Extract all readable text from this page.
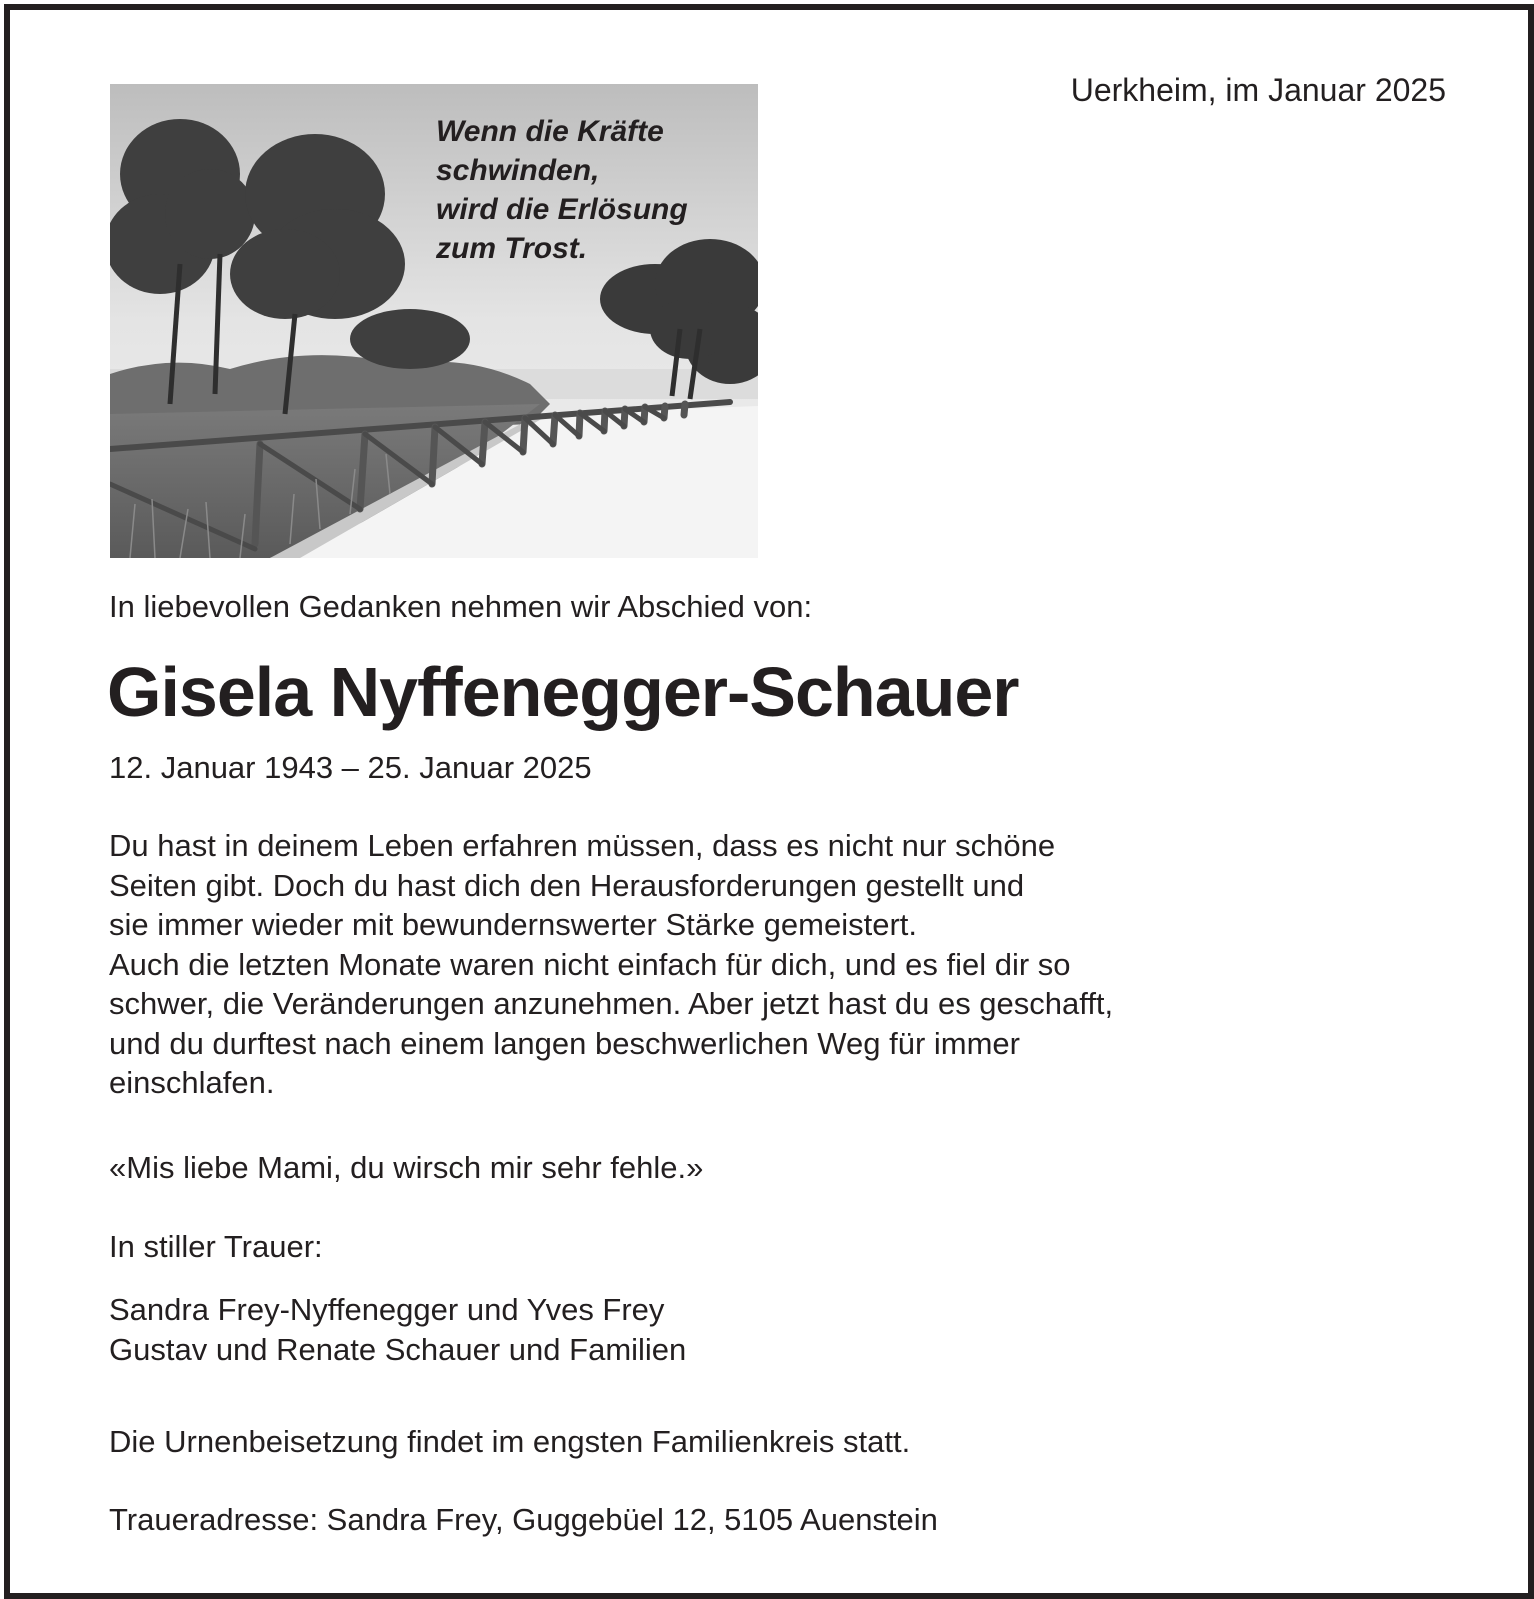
Uerkheim, im Januar 2025
Wenn die Kräfte
schwinden,
wird die Erlösung
zum Trost.
In liebevollen Gedanken nehmen wir Abschied von:
Gisela Nyffenegger-Schauer
12. Januar 1943 – 25. Januar 2025
Du hast in deinem Leben erfahren müssen, dass es nicht nur schöne
Seiten gibt. Doch du hast dich den Herausforderungen gestellt und
sie immer wieder mit bewundernswerter Stärke gemeistert.
Auch die letzten Monate waren nicht einfach für dich, und es fiel dir so
schwer, die Veränderungen anzunehmen. Aber jetzt hast du es geschafft,
und du durftest nach einem langen beschwerlichen Weg für immer
einschlafen.
«Mis liebe Mami, du wirsch mir sehr fehle.»
In stiller Trauer:
Sandra Frey-Nyffenegger und Yves Frey
Gustav und Renate Schauer und Familien
Die Urnenbeisetzung findet im engsten Familienkreis statt.
Traueradresse: Sandra Frey, Guggebüel 12, 5105 Auenstein
